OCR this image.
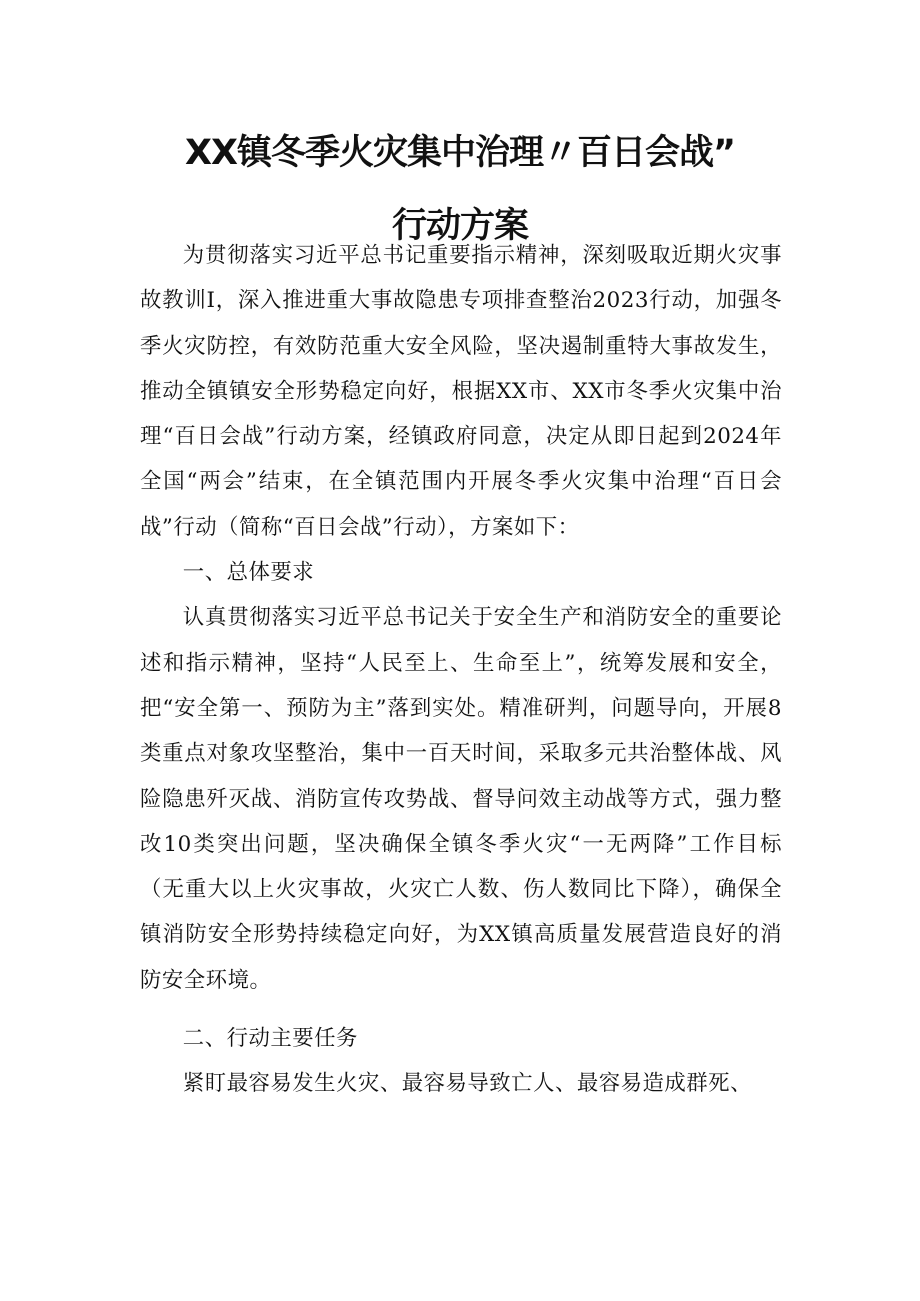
XX镇冬季火灾集中治理〃百日会战”
行动方案

为贯彻落实习近平总书记重要指示精神，深刻吸取近期火灾事故教训I，深入推进重大事故隐患专项排查整治2023行动，加强冬季火灾防控，有效防范重大安全风险，坚决遏制重特大事故发生，推动全镇镇安全形势稳定向好，根据XX市、XX市冬季火灾集中治理“百日会战”行动方案，经镇政府同意，决定从即日起到2024年全国“两会”结束，在全镇范围内开展冬季火灾集中治理“百日会战”行动（简称“百日会战”行动），方案如下：

一、总体要求

认真贯彻落实习近平总书记关于安全生产和消防安全的重要论述和指示精神，坚持“人民至上、生命至上”，统筹发展和安全，把“安全第一、预防为主”落到实处。精准研判，问题导向，开展8类重点对象攻坚整治，集中一百天时间，采取多元共治整体战、风险隐患歼灭战、消防宣传攻势战、督导问效主动战等方式，强力整改10类突出问题，坚决确保全镇冬季火灾“一无两降”工作目标（无重大以上火灾事故，火灾亡人数、伤人数同比下降），确保全镇消防安全形势持续稳定向好，为XX镇高质量发展营造良好的消防安全环境。

二、行动主要任务

紧盯最容易发生火灾、最容易导致亡人、最容易造成群死、
